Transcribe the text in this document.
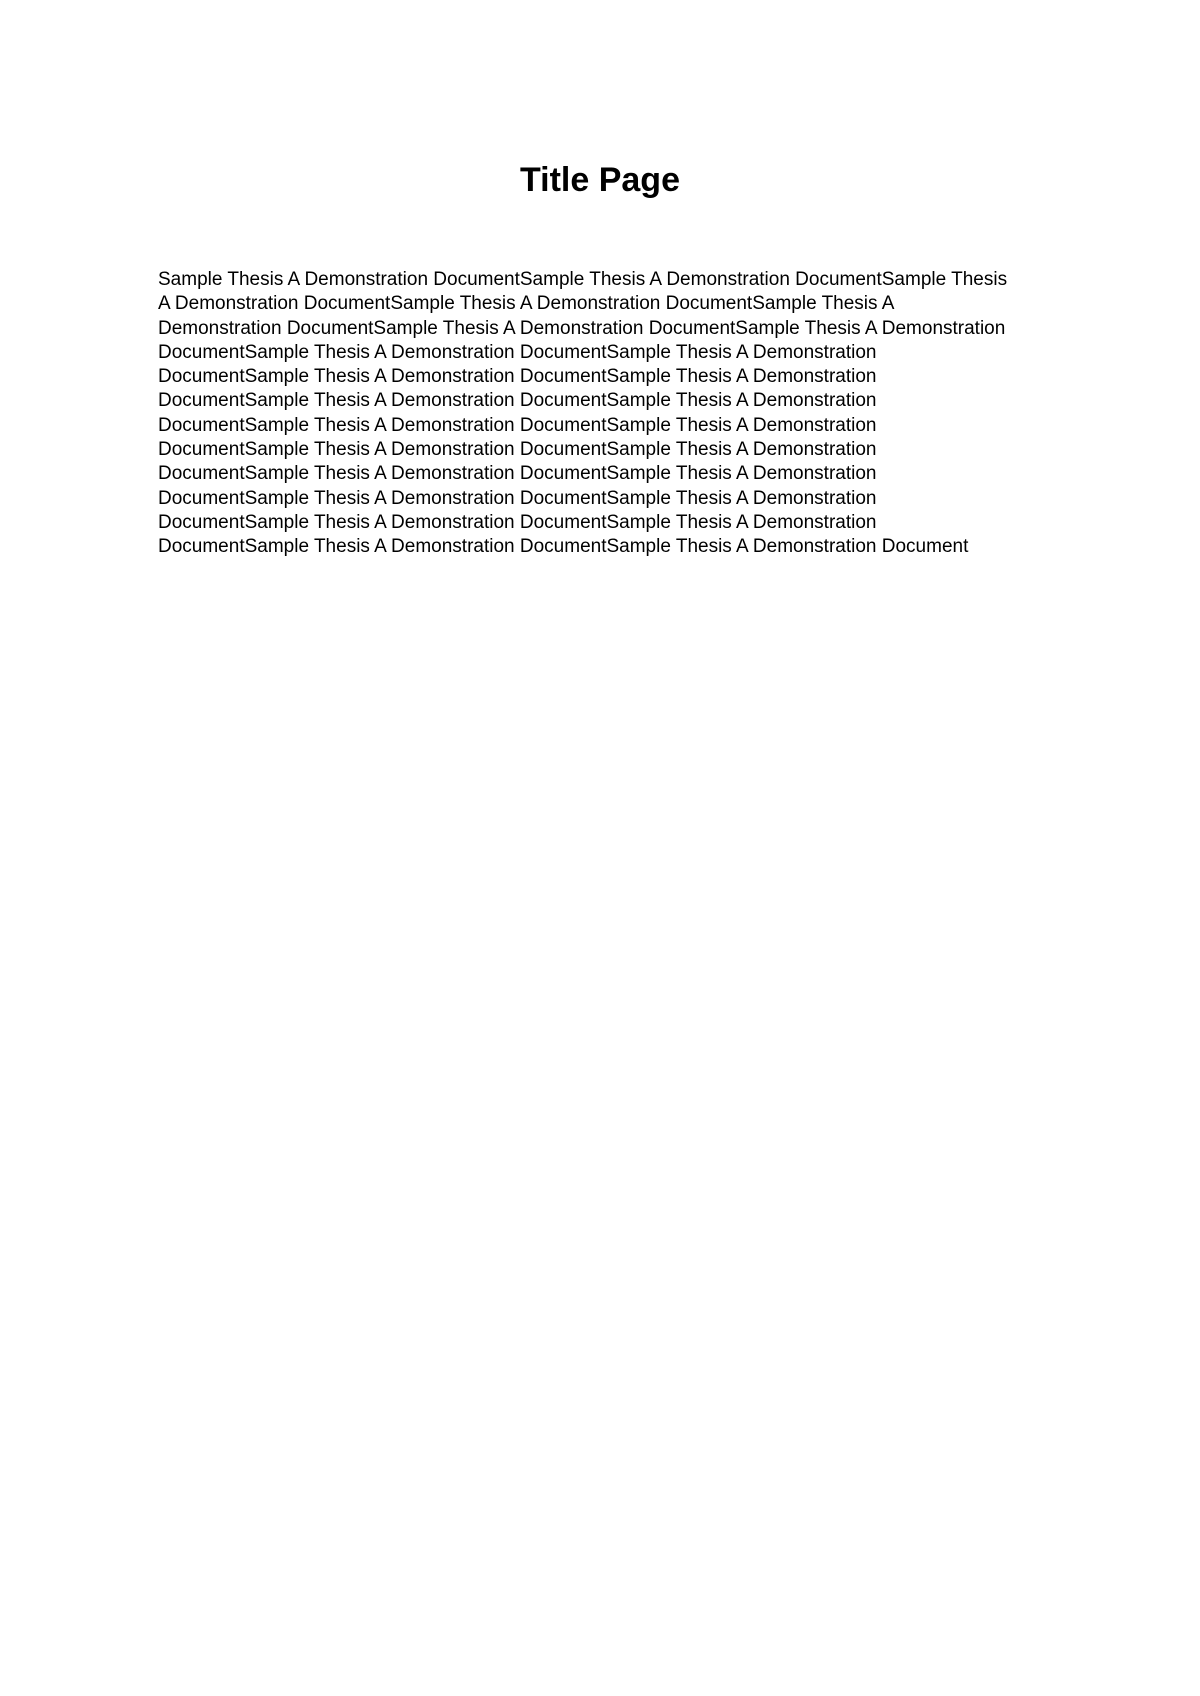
Title Page

Sample Thesis A Demonstration DocumentSample Thesis A Demonstration DocumentSample Thesis A Demonstration DocumentSample Thesis A Demonstration DocumentSample Thesis A Demonstration DocumentSample Thesis A Demonstration DocumentSample Thesis A Demonstration DocumentSample Thesis A Demonstration DocumentSample Thesis A Demonstration DocumentSample Thesis A Demonstration DocumentSample Thesis A Demonstration DocumentSample Thesis A Demonstration DocumentSample Thesis A Demonstration DocumentSample Thesis A Demonstration DocumentSample Thesis A Demonstration DocumentSample Thesis A Demonstration DocumentSample Thesis A Demonstration DocumentSample Thesis A Demonstration DocumentSample Thesis A Demonstration DocumentSample Thesis A Demonstration DocumentSample Thesis A Demonstration DocumentSample Thesis A Demonstration DocumentSample Thesis A Demonstration DocumentSample Thesis A Demonstration DocumentSample Thesis A Demonstration Document
